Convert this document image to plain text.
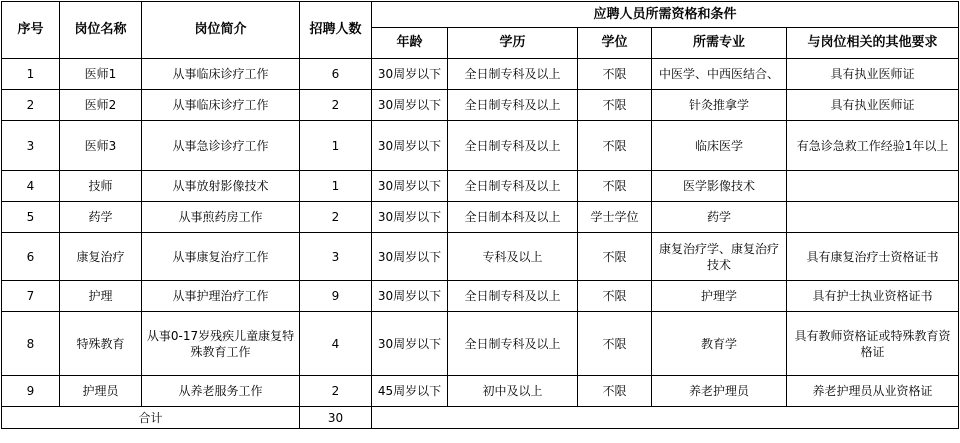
序号	岗位名称	岗位简介	招聘人数	应聘人员所需资格和条件				
				年龄	学历	学位	所需专业	与岗位相关的其他要求
1	医师1	从事临床诊疗工作	6	30周岁以下	全日制专科及以上	不限	中医学、中西医结合、	具有执业医师证
2	医师2	从事临床诊疗工作	2	30周岁以下	全日制专科及以上	不限	针灸推拿学	具有执业医师证
3	医师3	从事急诊诊疗工作	1	30周岁以下	全日制专科及以上	不限	临床医学	有急诊急救工作经验1年以上
4	技师	从事放射影像技术	1	30周岁以下	全日制专科及以上	不限	医学影像技术	
5	药学	从事煎药房工作	2	30周岁以下	全日制本科及以上	学士学位	药学	
6	康复治疗	从事康复治疗工作	3	30周岁以下	专科及以上	不限	康复治疗学、康复治疗技术	具有康复治疗士资格证书
7	护理	从事护理治疗工作	9	30周岁以下	全日制专科及以上	不限	护理学	具有护士执业资格证书
8	特殊教育	从事0-17岁残疾儿童康复特殊教育工作	4	30周岁以下	全日制专科及以上	不限	教育学	具有教师资格证或特殊教育资格证
9	护理员	从养老服务工作	2	45周岁以下	初中及以上	不限	养老护理员	养老护理员从业资格证
合计			30					
